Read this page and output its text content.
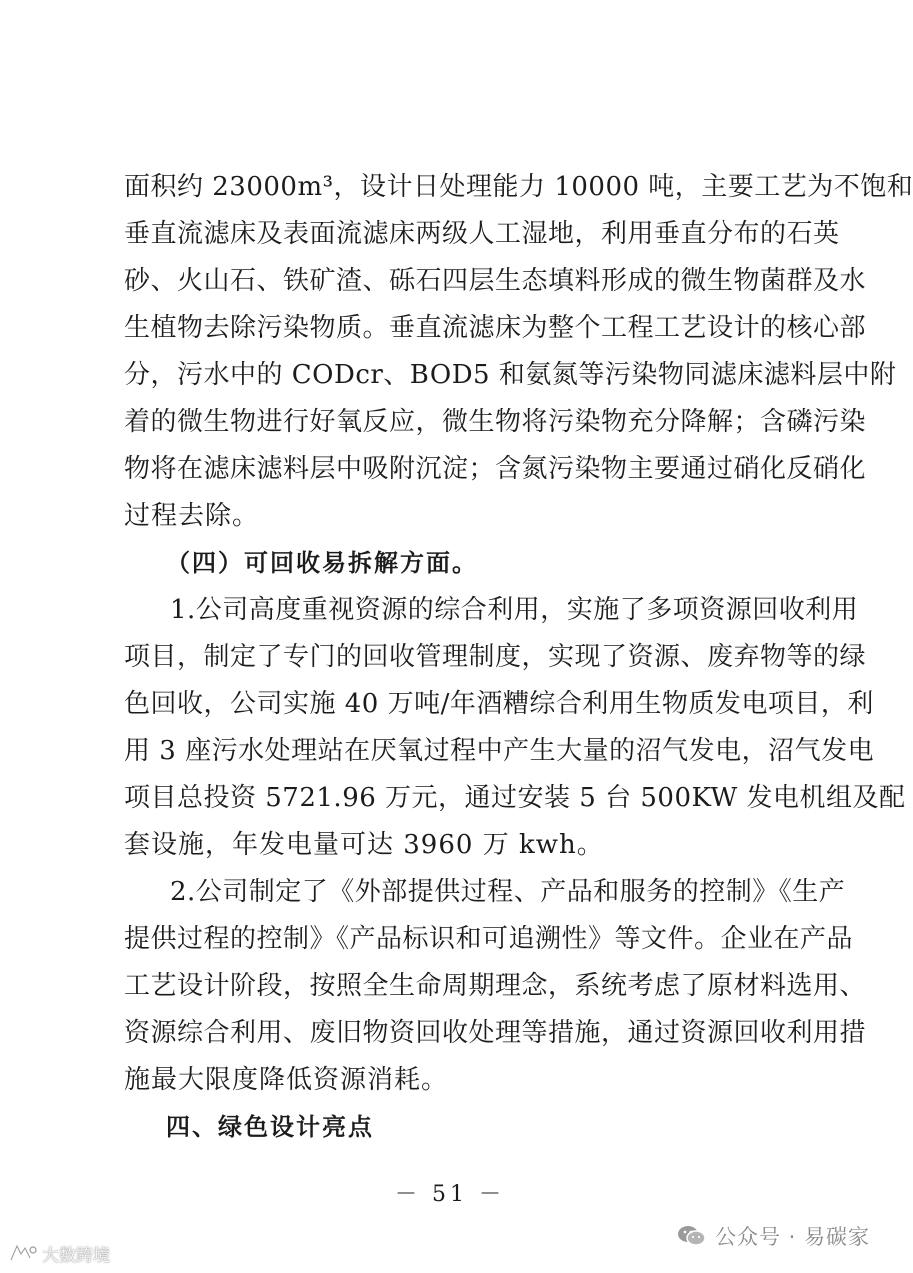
面积约 23000m³，设计日处理能力 10000 吨，主要工艺为不饱和
垂直流滤床及表面流滤床两级人工湿地，利用垂直分布的石英
砂、火山石、铁矿渣、砾石四层生态填料形成的微生物菌群及水
生植物去除污染物质。垂直流滤床为整个工程工艺设计的核心部
分，污水中的 CODcr、BOD5 和氨氮等污染物同滤床滤料层中附
着的微生物进行好氧反应，微生物将污染物充分降解；含磷污染
物将在滤床滤料层中吸附沉淀；含氮污染物主要通过硝化反硝化
过程去除。
（四）可回收易拆解方面。
1.公司高度重视资源的综合利用，实施了多项资源回收利用
项目，制定了专门的回收管理制度，实现了资源、废弃物等的绿
色回收，公司实施 40 万吨/年酒糟综合利用生物质发电项目，利
用 3 座污水处理站在厌氧过程中产生大量的沼气发电，沼气发电
项目总投资 5721.96 万元，通过安装 5 台 500KW 发电机组及配
套设施，年发电量可达 3960 万 kwh。
2.公司制定了《外部提供过程、产品和服务的控制》《生产
提供过程的控制》《产品标识和可追溯性》等文件。企业在产品
工艺设计阶段，按照全生命周期理念，系统考虑了原材料选用、
资源综合利用、废旧物资回收处理等措施，通过资源回收利用措
施最大限度降低资源消耗。
四、绿色设计亮点
－ 51 －
公众号 · 易碳家
大数跨境
